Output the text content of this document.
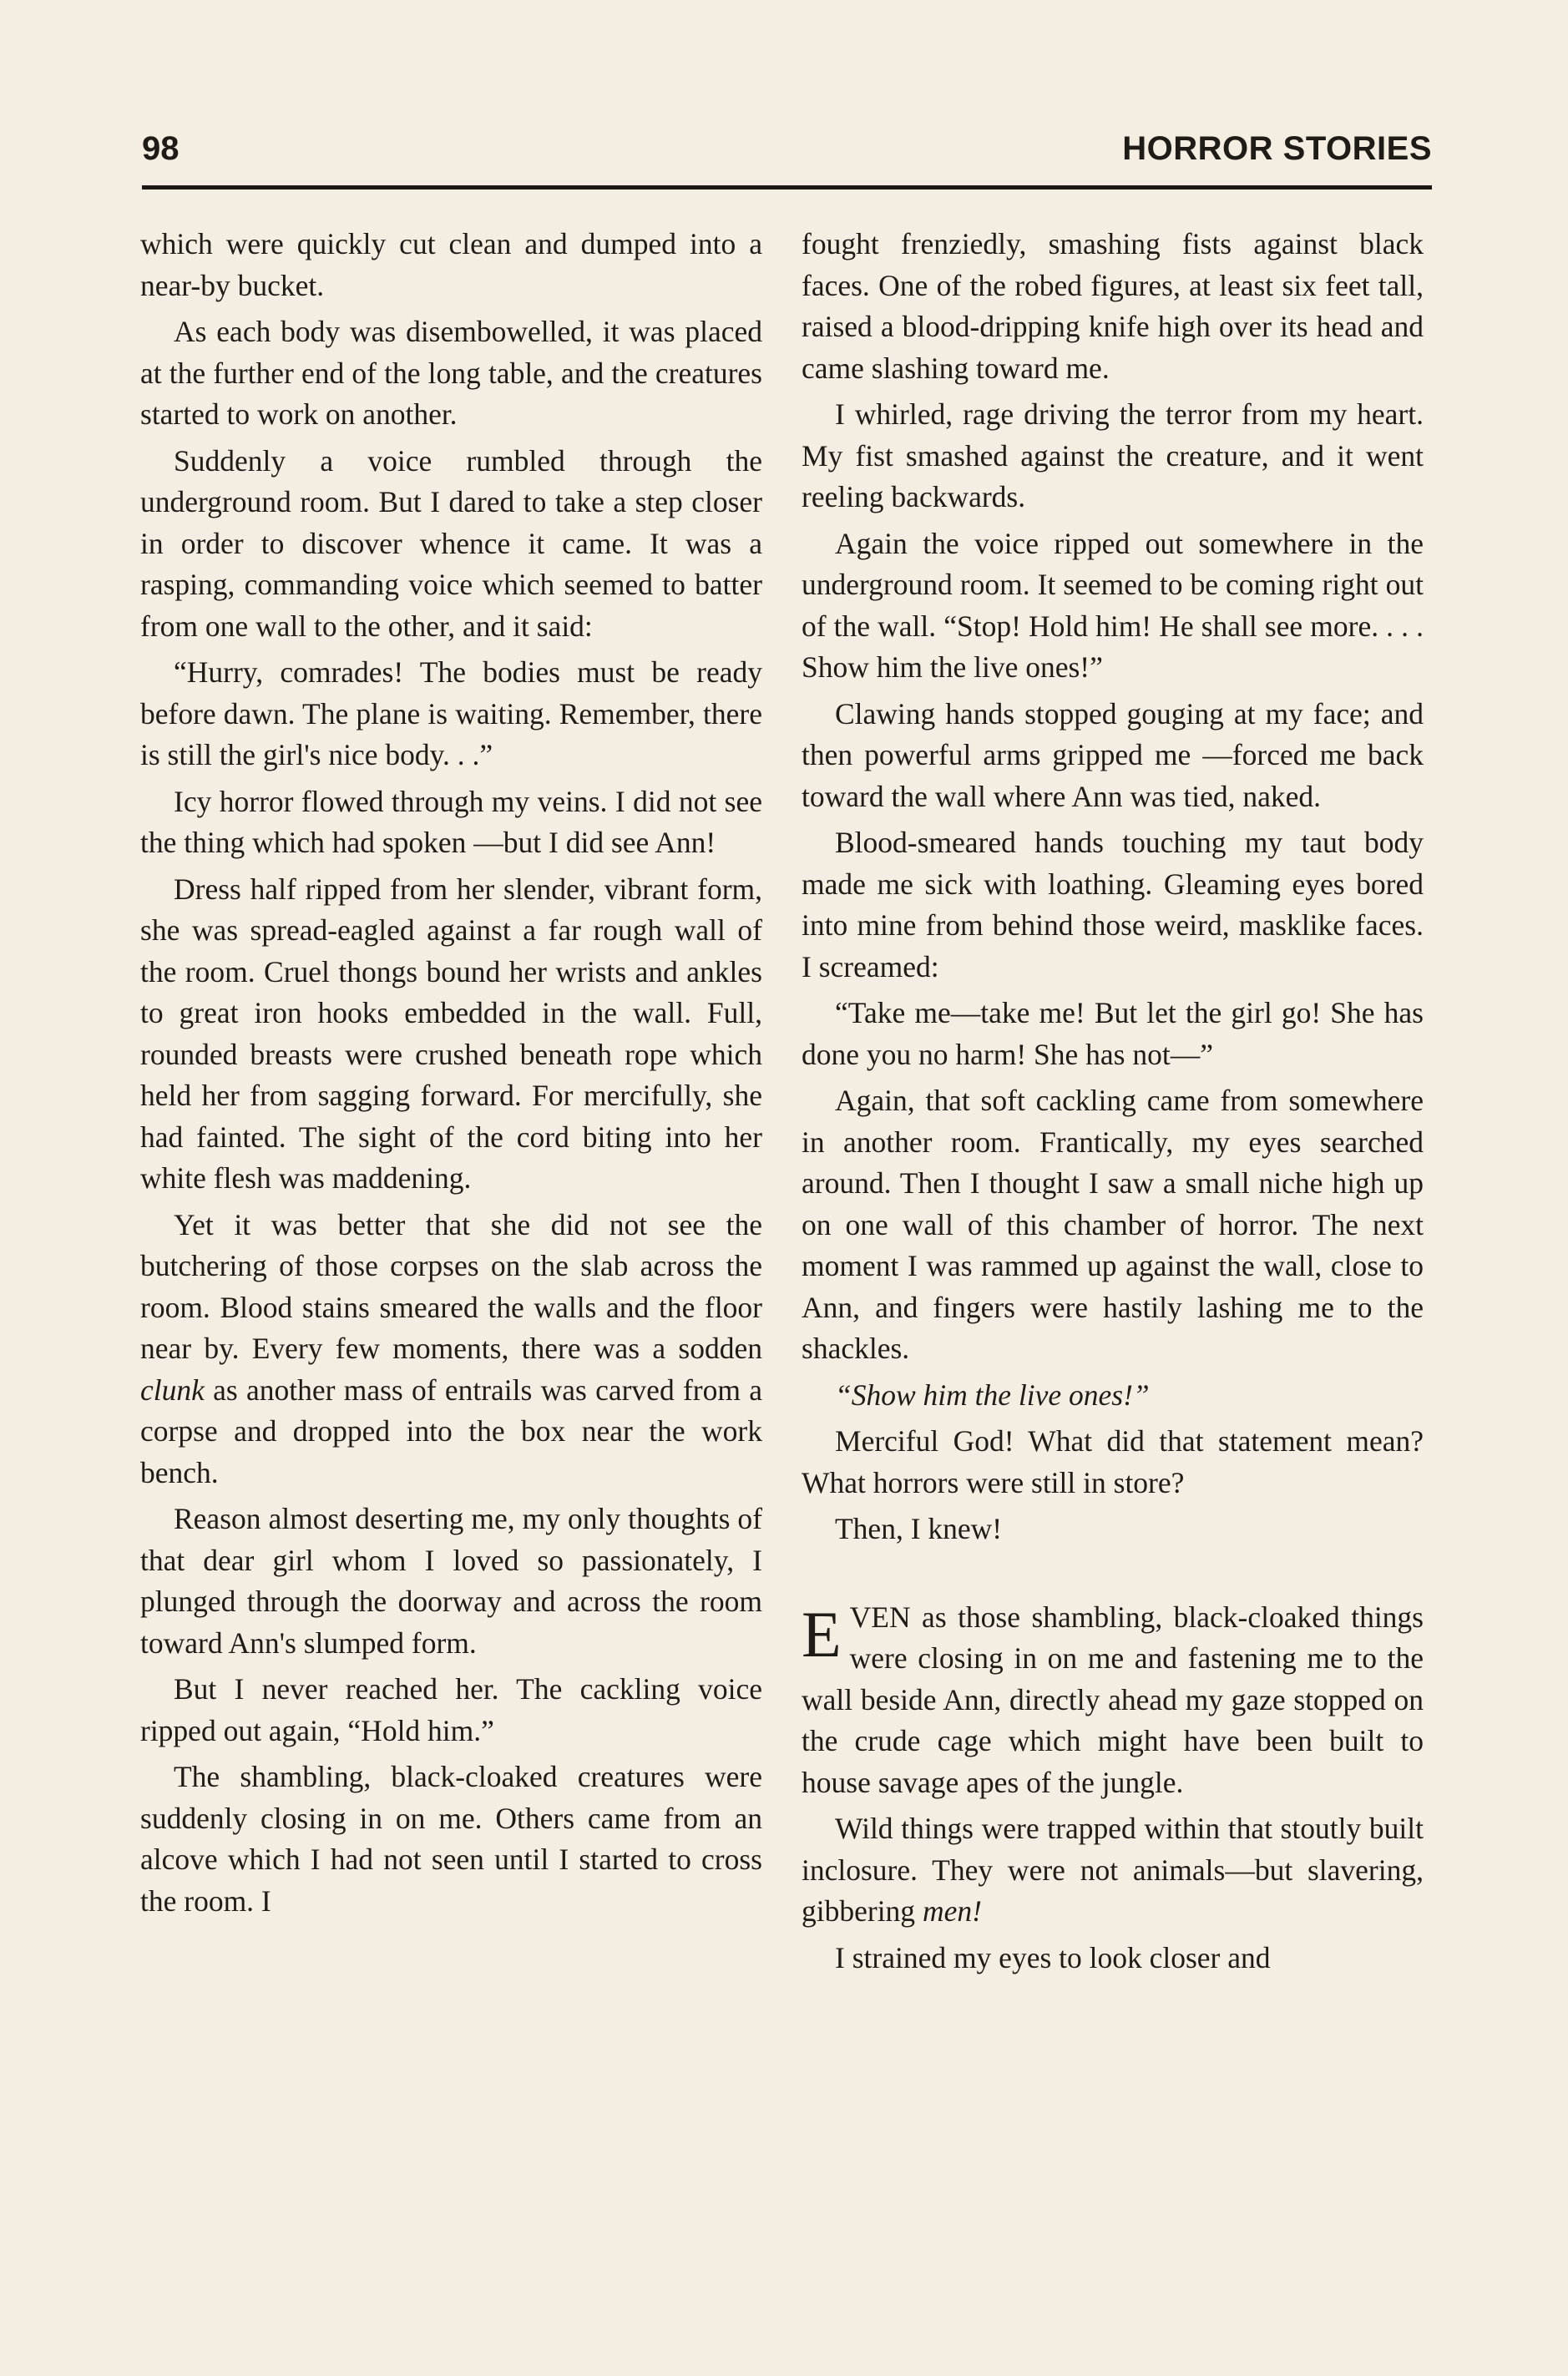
98	HORROR STORIES

which were quickly cut clean and dumped into a near-by bucket.

As each body was disembowelled, it was placed at the further end of the long table, and the creatures started to work on another.

Suddenly a voice rumbled through the underground room. But I dared to take a step closer in order to discover whence it came. It was a rasping, commanding voice which seemed to batter from one wall to the other, and it said:

“Hurry, comrades! The bodies must be ready before dawn. The plane is waiting. Remember, there is still the girl's nice body. . .”

Icy horror flowed through my veins. I did not see the thing which had spoken —but I did see Ann!

Dress half ripped from her slender, vibrant form, she was spread-eagled against a far rough wall of the room. Cruel thongs bound her wrists and ankles to great iron hooks embedded in the wall. Full, rounded breasts were crushed beneath rope which held her from sagging forward. For mercifully, she had fainted. The sight of the cord biting into her white flesh was maddening.

Yet it was better that she did not see the butchering of those corpses on the slab across the room. Blood stains smeared the walls and the floor near by. Every few moments, there was a sodden clunk as another mass of entrails was carved from a corpse and dropped into the box near the work bench.

Reason almost deserting me, my only thoughts of that dear girl whom I loved so passionately, I plunged through the doorway and across the room toward Ann's slumped form.

But I never reached her. The cackling voice ripped out again, “Hold him.”

The shambling, black-cloaked creatures were suddenly closing in on me. Others came from an alcove which I had not seen until I started to cross the room. I

fought frenziedly, smashing fists against black faces. One of the robed figures, at least six feet tall, raised a blood-dripping knife high over its head and came slashing toward me.

I whirled, rage driving the terror from my heart. My fist smashed against the creature, and it went reeling backwards.

Again the voice ripped out somewhere in the underground room. It seemed to be coming right out of the wall. “Stop! Hold him! He shall see more. . . . Show him the live ones!”

Clawing hands stopped gouging at my face; and then powerful arms gripped me —forced me back toward the wall where Ann was tied, naked.

Blood-smeared hands touching my taut body made me sick with loathing. Gleaming eyes bored into mine from behind those weird, masklike faces. I screamed:

“Take me—take me! But let the girl go! She has done you no harm! She has not—”

Again, that soft cackling came from somewhere in another room. Frantically, my eyes searched around. Then I thought I saw a small niche high up on one wall of this chamber of horror. The next moment I was rammed up against the wall, close to Ann, and fingers were hastily lashing me to the shackles.

“Show him the live ones!”

Merciful God! What did that statement mean? What horrors were still in store?

Then, I knew!

E VEN as those shambling, black-cloaked things were closing in on me and fastening me to the wall beside Ann, directly ahead my gaze stopped on the crude cage which might have been built to house savage apes of the jungle.

Wild things were trapped within that stoutly built inclosure. They were not animals—but slavering, gibbering men!

I strained my eyes to look closer and
